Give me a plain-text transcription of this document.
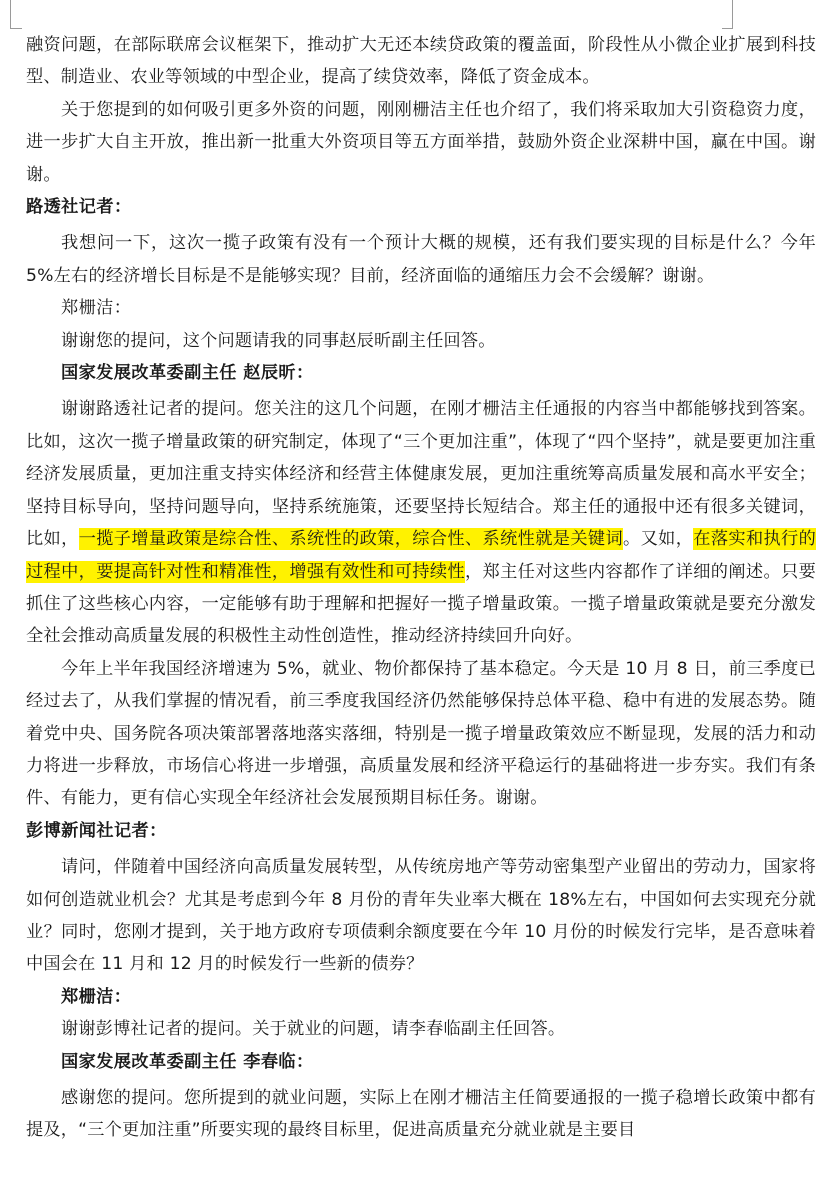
融资问题，在部际联席会议框架下，推动扩大无还本续贷政策的覆盖面，阶段性从小微企业扩展到科技型、制造业、农业等领域的中型企业，提高了续贷效率，降低了资金成本。

关于您提到的如何吸引更多外资的问题，刚刚栅洁主任也介绍了，我们将采取加大引资稳资力度，进一步扩大自主开放，推出新一批重大外资项目等五方面举措，鼓励外资企业深耕中国，赢在中国。谢谢。

路透社记者：

我想问一下，这次一揽子政策有没有一个预计大概的规模，还有我们要实现的目标是什么？今年 5%左右的经济增长目标是不是能够实现？目前，经济面临的通缩压力会不会缓解？谢谢。

郑栅洁：

谢谢您的提问，这个问题请我的同事赵辰昕副主任回答。

国家发展改革委副主任 赵辰昕：

谢谢路透社记者的提问。您关注的这几个问题，在刚才栅洁主任通报的内容当中都能够找到答案。比如，这次一揽子增量政策的研究制定，体现了“三个更加注重”，体现了“四个坚持”，就是要更加注重经济发展质量，更加注重支持实体经济和经营主体健康发展，更加注重统筹高质量发展和高水平安全；坚持目标导向，坚持问题导向，坚持系统施策，还要坚持长短结合。郑主任的通报中还有很多关键词，比如，一揽子增量政策是综合性、系统性的政策，综合性、系统性就是关键词。又如，在落实和执行的过程中，要提高针对性和精准性，增强有效性和可持续性，郑主任对这些内容都作了详细的阐述。只要抓住了这些核心内容，一定能够有助于理解和把握好一揽子增量政策。一揽子增量政策就是要充分激发全社会推动高质量发展的积极性主动性创造性，推动经济持续回升向好。

今年上半年我国经济增速为 5%，就业、物价都保持了基本稳定。今天是 10 月 8 日，前三季度已经过去了，从我们掌握的情况看，前三季度我国经济仍然能够保持总体平稳、稳中有进的发展态势。随着党中央、国务院各项决策部署落地落实落细，特别是一揽子增量政策效应不断显现，发展的活力和动力将进一步释放，市场信心将进一步增强，高质量发展和经济平稳运行的基础将进一步夯实。我们有条件、有能力，更有信心实现全年经济社会发展预期目标任务。谢谢。

彭博新闻社记者：

请问，伴随着中国经济向高质量发展转型，从传统房地产等劳动密集型产业留出的劳动力，国家将如何创造就业机会？尤其是考虑到今年 8 月份的青年失业率大概在 18%左右，中国如何去实现充分就业？同时，您刚才提到，关于地方政府专项债剩余额度要在今年 10 月份的时候发行完毕，是否意味着中国会在 11 月和 12 月的时候发行一些新的债券？

郑栅洁：

谢谢彭博社记者的提问。关于就业的问题，请李春临副主任回答。

国家发展改革委副主任 李春临：

感谢您的提问。您所提到的就业问题，实际上在刚才栅洁主任简要通报的一揽子稳增长政策中都有提及，“三个更加注重”所要实现的最终目标里，促进高质量充分就业就是主要目
